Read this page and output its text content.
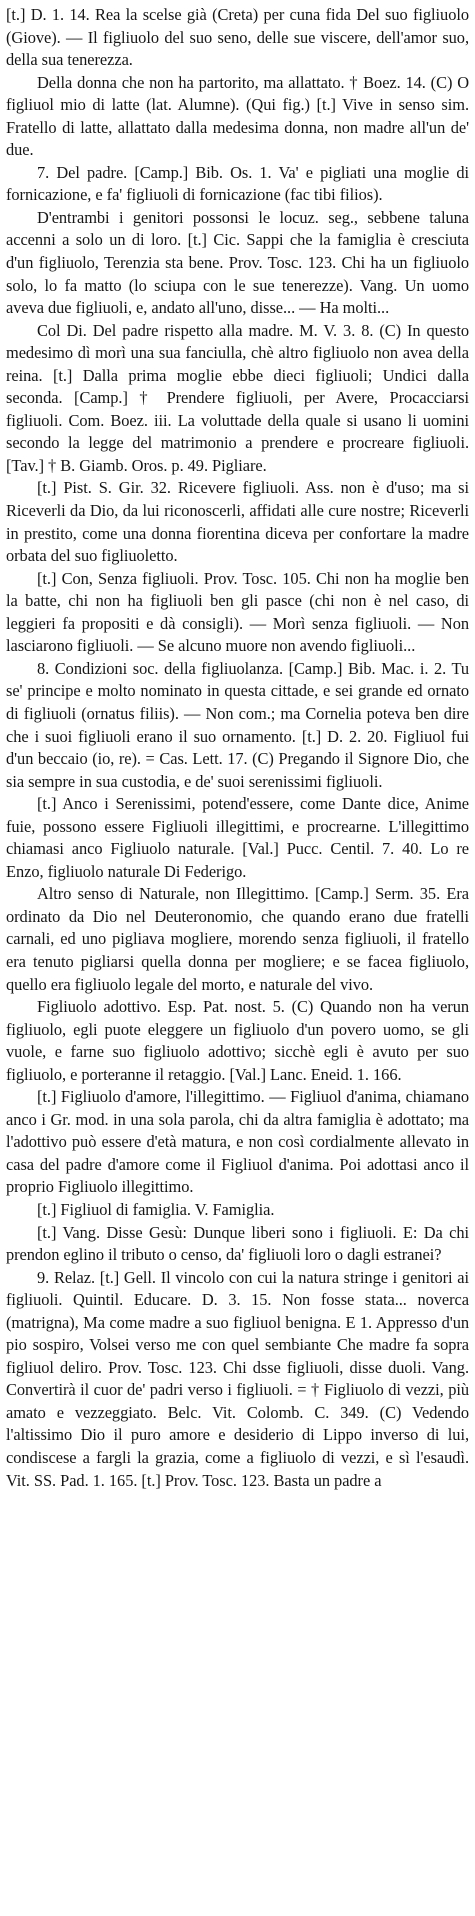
[t.] D. 1. 14. Rea la scelse già (Creta) per cuna fida Del suo figliuolo (Giove). — Il figliuolo del suo seno, delle sue viscere, dell'amor suo, della sua tenerezza.

Della donna che non ha partorito, ma allattato. † Boez. 14. (C) O figliuol mio di latte (lat. Alumne). (Qui fig.) [t.] Vive in senso sim. Fratello di latte, allattato dalla medesima donna, non madre all'un de' due.

7. Del padre. [Camp.] Bib. Os. 1. Va' e pigliati una moglie di fornicazione, e fa' figliuoli di fornicazione (fac tibi filios).

D'entrambi i genitori possonsi le locuz. seg., sebbene taluna accenni a solo un di loro. [t.] Cic. Sappi che la famiglia è cresciuta d'un figliuolo, Terenzia sta bene. Prov. Tosc. 123. Chi ha un figliuolo solo, lo fa matto (lo sciupa con le sue tenerezze). Vang. Un uomo aveva due figliuoli, e, andato all'uno, disse... — Ha molti...

Col Di. Del padre rispetto alla madre. M. V. 3. 8. (C) In questo medesimo dì morì una sua fanciulla, chè altro figliuolo non avea della reina. [t.] Dalla prima moglie ebbe dieci figliuoli; Undici dalla seconda. [Camp.] † Prendere figliuoli, per Avere, Procacciarsi figliuoli. Com. Boez. iii. La voluttade della quale si usano li uomini secondo la legge del matrimonio a prendere e procreare figliuoli. [Tav.] † B. Giamb. Oros. p. 49. Pigliare.

[t.] Pist. S. Gir. 32. Ricevere figliuoli. Ass. non è d'uso; ma si Riceverli da Dio, da lui riconoscerli, affidati alle cure nostre; Riceverli in prestito, come una donna fiorentina diceva per confortare la madre orbata del suo figliuoletto.

[t.] Con, Senza figliuoli. Prov. Tosc. 105. Chi non ha moglie ben la batte, chi non ha figliuoli ben gli pasce (chi non è nel caso, di leggieri fa propositi e dà consigli). — Morì senza figliuoli. — Non lasciarono figliuoli. — Se alcuno muore non avendo figliuoli...

8. Condizioni soc. della figliuolanza. [Camp.] Bib. Mac. i. 2. Tu se' principe e molto nominato in questa cittade, e sei grande ed ornato di figliuoli (ornatus filiis). — Non com.; ma Cornelia poteva ben dire che i suoi figliuoli erano il suo ornamento. [t.] D. 2. 20. Figliuol fui d'un beccaio (io, re). = Cas. Lett. 17. (C) Pregando il Signore Dio, che sia sempre in sua custodia, e de' suoi serenissimi figliuoli.

[t.] Anco i Serenissimi, potend'essere, come Dante dice, Anime fuie, possono essere Figliuoli illegittimi, e procrearne. L'illegittimo chiamasi anco Figliuolo naturale. [Val.] Pucc. Centil. 7. 40. Lo re Enzo, figliuolo naturale Di Federigo.

Altro senso di Naturale, non Illegittimo. [Camp.] Serm. 35. Era ordinato da Dio nel Deuteronomio, che quando erano due fratelli carnali, ed uno pigliava mogliere, morendo senza figliuoli, il fratello era tenuto pigliarsi quella donna per mogliere; e se facea figliuolo, quello era figliuolo legale del morto, e naturale del vivo.

Figliuolo adottivo. Esp. Pat. nost. 5. (C) Quando non ha verun figliuolo, egli puote eleggere un figliuolo d'un povero uomo, se gli vuole, e farne suo figliuolo adottivo; sicchè egli è avuto per suo figliuolo, e porteranne il retaggio. [Val.] Lanc. Eneid. 1. 166.

[t.] Figliuolo d'amore, l'illegittimo. — Figliuol d'anima, chiamano anco i Gr. mod. in una sola parola, chi da altra famiglia è adottato; ma l'adottivo può essere d'età matura, e non così cordialmente allevato in casa del padre d'amore come il Figliuol d'anima. Poi adottasi anco il proprio Figliuolo illegittimo.

[t.] Figliuol di famiglia. V. Famiglia.

[t.] Vang. Disse Gesù: Dunque liberi sono i figliuoli. E: Da chi prendon eglino il tributo o censo, da' figliuoli loro o dagli estranei?

9. Relaz. [t.] Gell. Il vincolo con cui la natura stringe i genitori ai figliuoli. Quintil. Educare. D. 3. 15. Non fosse stata... novercа (matrigna), Ma come madre a suo figliuol benigna. E 1. Appresso d'un pio sospiro, Volsei verso me con quel sembiante Che madre fa sopra figliuol deliro. Prov. Tosc. 123. Chi dsse figliuoli, disse duoli. Vang. Convertirà il cuor de' padri verso i figliuoli. = † Figliuolo di vezzi, più amato e vezzeggiato. Belc. Vit. Colomb. C. 349. (C) Vedendo l'altissimo Dio il puro amore e desiderio di Lippo inverso di lui, condiscese a fargli la grazia, come a figliuolo di vezzi, e sì l'esaudì. Vit. SS. Pad. 1. 165. [t.] Prov. Tosc. 123. Basta un padre a
